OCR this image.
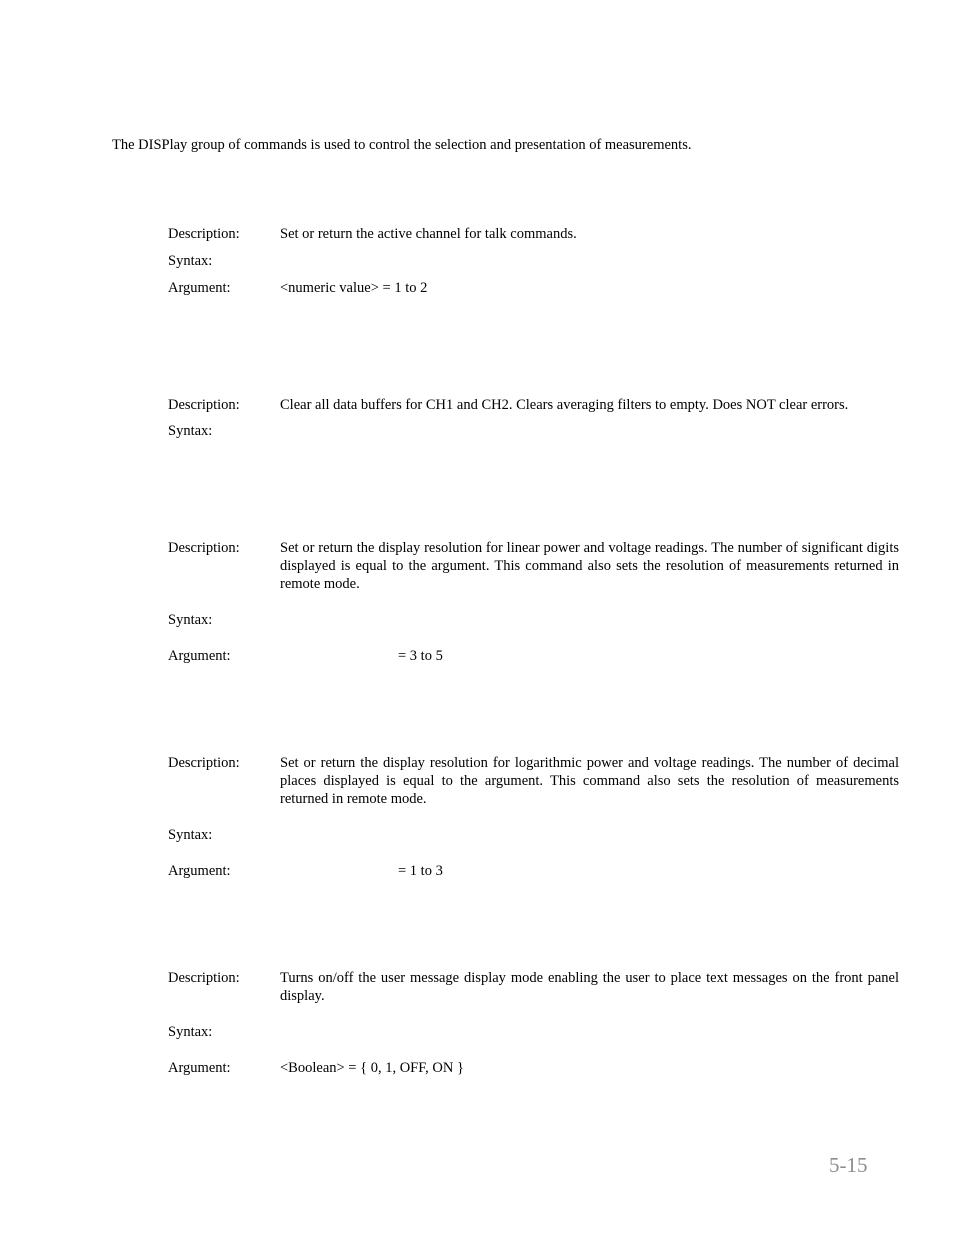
The DISPlay group of commands is used to control the selection and presentation of measurements.
Description:	Set or return the active channel for talk commands.
Syntax:
Argument:	<numeric value> = 1 to 2
Description:	Clear all data buffers for CH1 and CH2. Clears averaging filters to empty. Does NOT clear errors.
Syntax:
Description:	Set or return the display resolution for linear power and voltage readings. The number of significant digits displayed is equal to the argument. This command also sets the resolution of measurements returned in remote mode.
Syntax:
Argument:	= 3 to 5
Description:	Set or return the display resolution for logarithmic power and voltage readings. The number of decimal places displayed is equal to the argument. This command also sets the resolution of measurements returned in remote mode.
Syntax:
Argument:	= 1 to 3
Description:	Turns on/off the user message display mode enabling the user to place text messages on the front panel display.
Syntax:
Argument:	<Boolean> = { 0, 1, OFF, ON }
5-15
